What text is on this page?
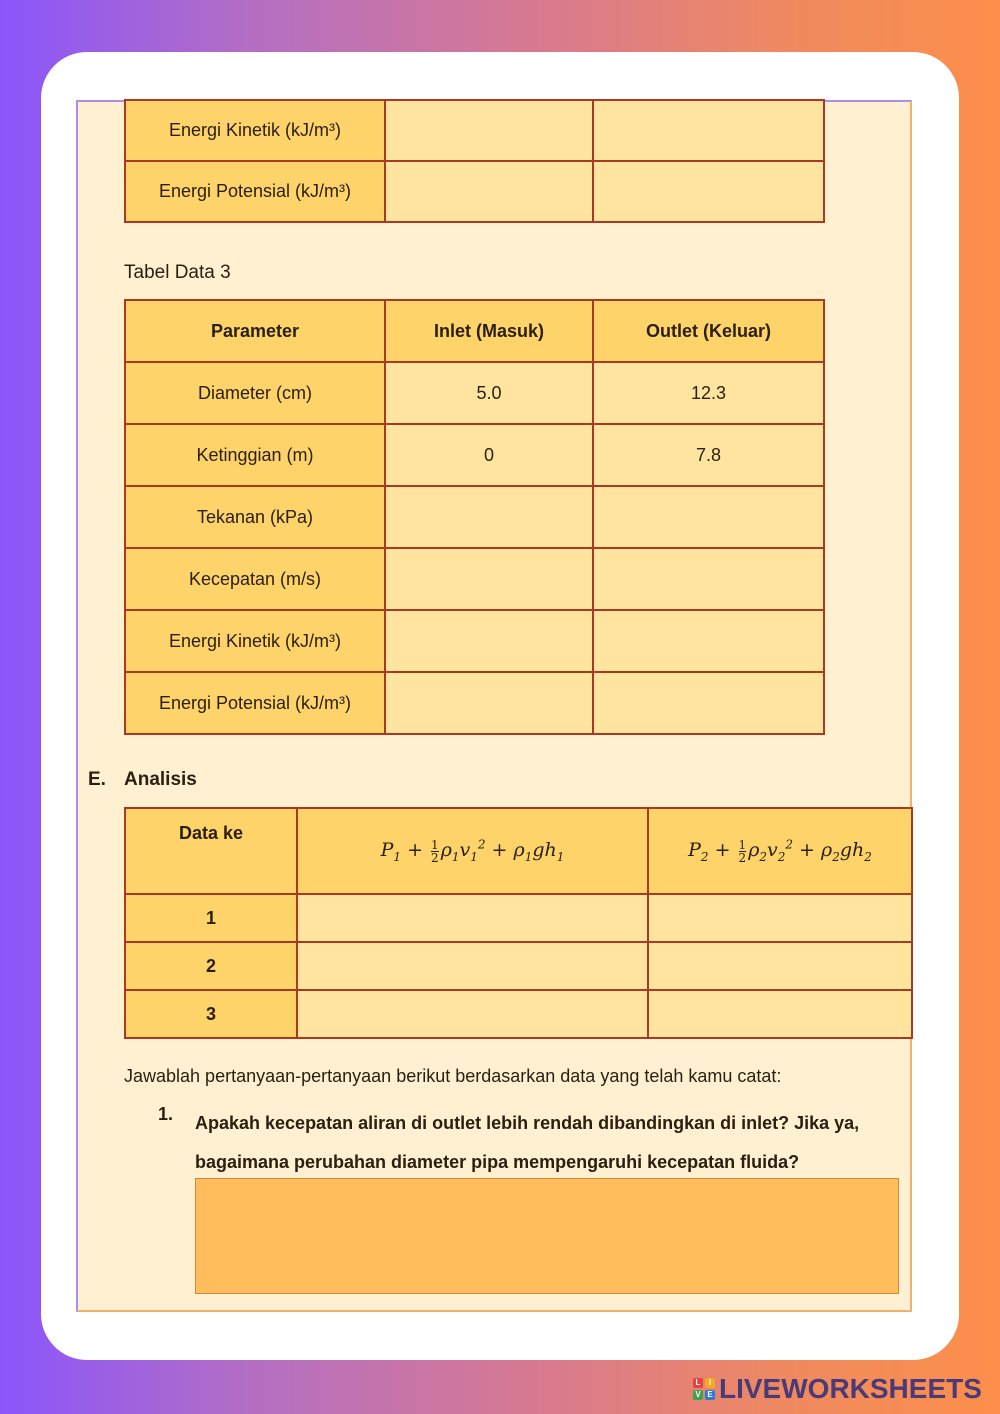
Energi Kinetik (kJ/m³)		
Energi Potensial (kJ/m³)		
Tabel Data 3
Parameter	Inlet (Masuk)	Outlet (Keluar)
Diameter (cm)	5.0	12.3
Ketinggian (m)	0	7.8
Tekanan (kPa)		
Kecepatan (m/s)		
Energi Kinetik (kJ/m³)		
Energi Potensial (kJ/m³)		
E. Analisis
Data ke	$P_1 + \frac{1}{2} \rho_1v_1^2 + \rho_1gh_1$	$P_2 + \frac{1}{2} \rho_2v_2^2 + \rho_2gh_2$
1		
2		
3		
Jawablah pertanyaan-pertanyaan berikut berdasarkan data yang telah kamu catat:
1. Apakah kecepatan aliran di outlet lebih rendah dibandingkan di inlet? Jika ya, bagaimana perubahan diameter pipa mempengaruhi kecepatan fluida?
L	I
V E LIVEWORKSHEETS
